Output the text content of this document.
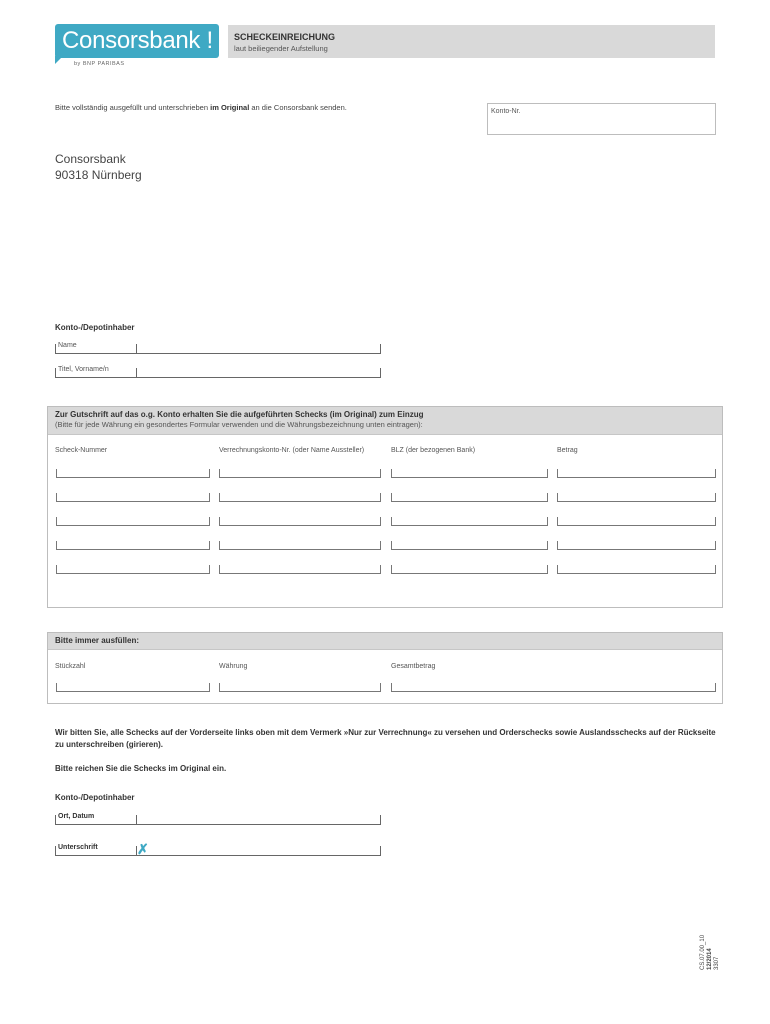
Consorsbank !
by BNP PARIBAS
SCHECKEINREICHUNG
laut beiliegender Aufstellung
Bitte vollständig ausgefüllt und unterschrieben im Original an die Consorsbank senden.	Konto-Nr.
Consorsbank
90318 Nürnberg
Konto-/Depotinhaber
Name
Titel, Vorname/n
Zur Gutschrift auf das o.g. Konto erhalten Sie die aufgeführten Schecks (im Original) zum Einzug
(Bitte für jede Währung ein gesondertes Formular verwenden und die Währungsbezeichnung unten eintragen):
Scheck-Nummer	Verrechnungskonto-Nr. (oder Name Aussteller)	BLZ (der bezogenen Bank)	Betrag
Bitte immer ausfüllen:
Stückzahl	Währung	Gesamtbetrag
Wir bitten Sie, alle Schecks auf der Vorderseite links oben mit dem Vermerk »Nur zur Verrechnung« zu versehen und Orderschecks sowie Auslandsschecks auf der Rückseite zu unterschreiben (girieren).
Bitte reichen Sie die Schecks im Original ein.
Konto-/Depotinhaber
Ort, Datum
Unterschrift	✗
CS.07.00_10 12/2014 3307
